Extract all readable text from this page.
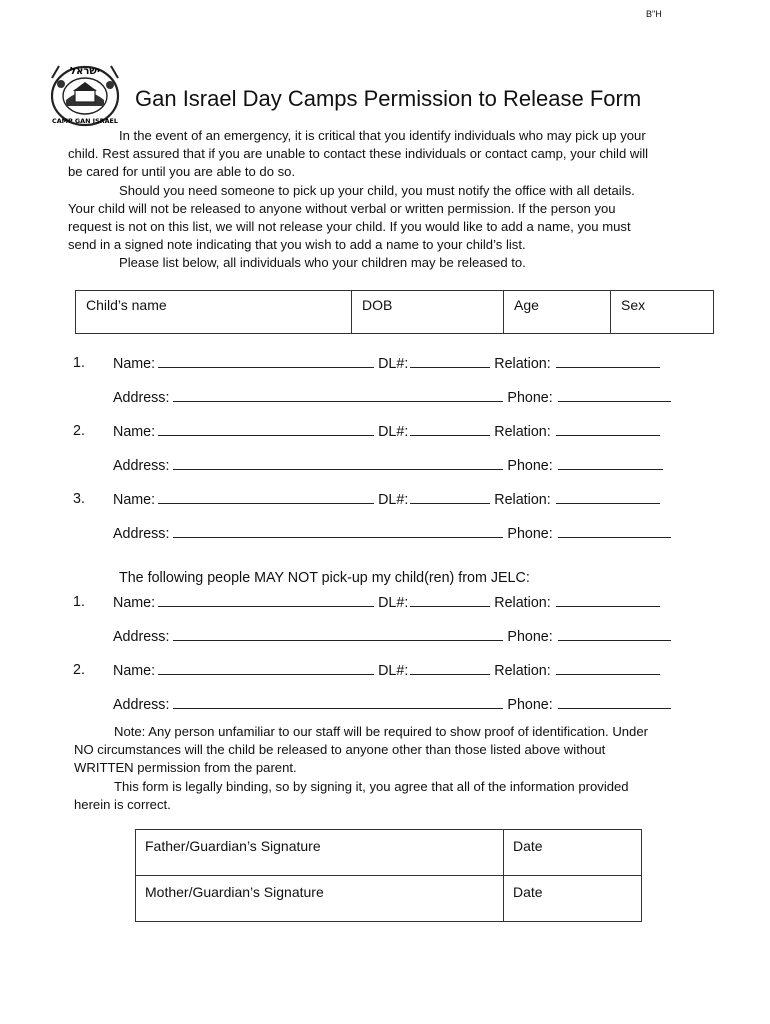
B"H
ישראל
CAMP GAN ISRAEL
Gan Israel Day Camps Permission to Release Form
In the event of an emergency, it is critical that you identify individuals who may pick up your
child. Rest assured that if you are unable to contact these individuals or contact camp, your child will
be cared for until you are able to do so.
Should you need someone to pick up your child, you must notify the office with all details.
Your child will not be released to anyone without verbal or written permission. If the person you
request is not on this list, we will not release your child. If you would like to add a name, you must
send in a signed note indicating that you wish to add a name to your child’s list.
Please list below, all individuals who your children may be released to.
Child’s name	DOB	Age	Sex
1. Name:	DL#:	Relation:
Address:	Phone:
2. Name:	DL#:	Relation:
Address:	Phone:
3. Name:	DL#:	Relation:
Address:	Phone:
The following people MAY NOT pick-up my child(ren) from JELC:
1. Name:	DL#:	Relation:
Address:	Phone:
2. Name:	DL#:	Relation:
Address:	Phone:
Note: Any person unfamiliar to our staff will be required to show proof of identification. Under
NO circumstances will the child be released to anyone other than those listed above without
WRITTEN permission from the parent.
This form is legally binding, so by signing it, you agree that all of the information provided
herein is correct.
Father/Guardian’s Signature	Date
Mother/Guardian’s Signature	Date
